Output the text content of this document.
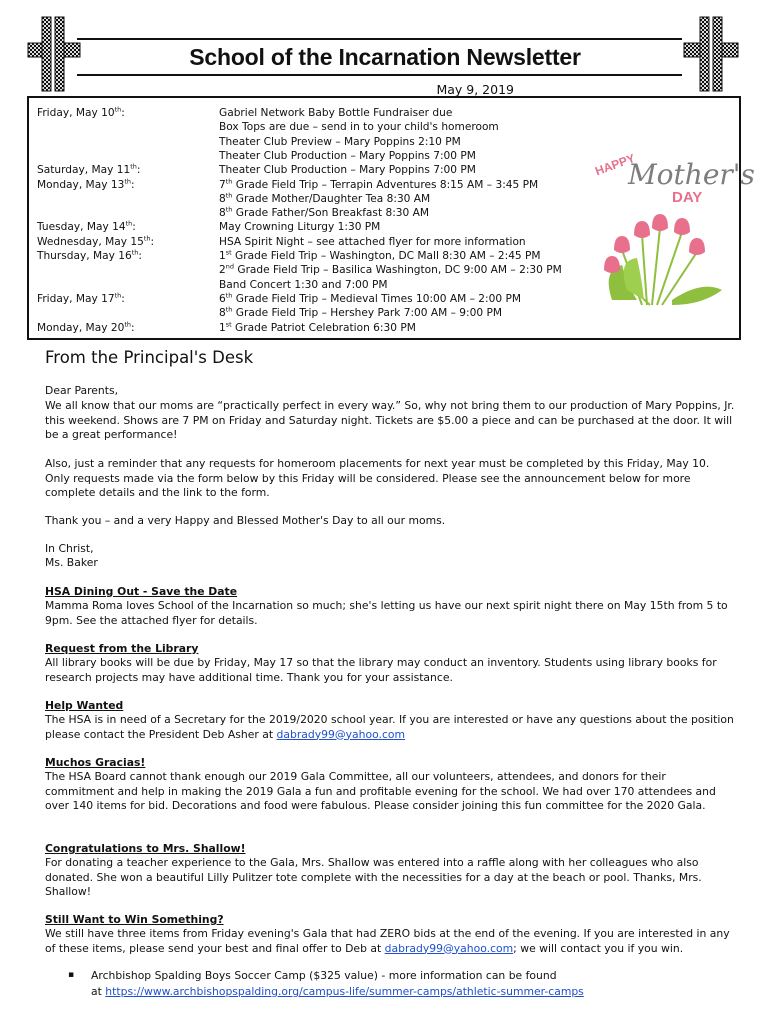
School of the Incarnation Newsletter
May 9, 2019
Friday, May 10th:	Gabriel Network Baby Bottle Fundraiser due
Box Tops are due – send in to your child's homeroom
Theater Club Preview – Mary Poppins 2:10 PM
Theater Club Production – Mary Poppins 7:00 PM
Saturday, May 11th:	Theater Club Production – Mary Poppins 7:00 PM
Monday, May 13th:	7th Grade Field Trip – Terrapin Adventures 8:15 AM – 3:45 PM
8th Grade Mother/Daughter Tea 8:30 AM
8th Grade Father/Son Breakfast 8:30 AM
Tuesday, May 14th:	May Crowning Liturgy 1:30 PM
Wednesday, May 15th:	HSA Spirit Night – see attached flyer for more information
Thursday, May 16th:	1st Grade Field Trip – Washington, DC Mall 8:30 AM – 2:45 PM
2nd Grade Field Trip – Basilica Washington, DC 9:00 AM – 2:30 PM
Band Concert 1:30 and 7:00 PM
Friday, May 17th:	6th Grade Field Trip – Medieval Times 10:00 AM – 2:00 PM
8th Grade Field Trip – Hershey Park 7:00 AM – 9:00 PM
Monday, May 20th:	1st Grade Patriot Celebration 6:30 PM
HAPPY
Mother's
DAY
From the Principal's Desk
Dear Parents,
We all know that our moms are “practically perfect in every way.” So, why not bring them to our production of Mary Poppins, Jr. this weekend. Shows are 7 PM on Friday and Saturday night. Tickets are $5.00 a piece and can be purchased at the door. It will be a great performance!
Also, just a reminder that any requests for homeroom placements for next year must be completed by this Friday, May 10. Only requests made via the form below by this Friday will be considered. Please see the announcement below for more complete details and the link to the form.
Thank you – and a very Happy and Blessed Mother's Day to all our moms.
In Christ,
Ms. Baker
HSA Dining Out - Save the Date
Mamma Roma loves School of the Incarnation so much; she's letting us have our next spirit night there on May 15th from 5 to 9pm. See the attached flyer for details.
Request from the Library
All library books will be due by Friday, May 17 so that the library may conduct an inventory. Students using library books for research projects may have additional time. Thank you for your assistance.
Help Wanted
The HSA is in need of a Secretary for the 2019/2020 school year. If you are interested or have any questions about the position please contact the President Deb Asher at dabrady99@yahoo.com
Muchos Gracias!
The HSA Board cannot thank enough our 2019 Gala Committee, all our volunteers, attendees, and donors for their commitment and help in making the 2019 Gala a fun and profitable evening for the school. We had over 170 attendees and over 140 items for bid. Decorations and food were fabulous. Please consider joining this fun committee for the 2020 Gala.
Congratulations to Mrs. Shallow!
For donating a teacher experience to the Gala, Mrs. Shallow was entered into a raffle along with her colleagues who also donated. She won a beautiful Lilly Pulitzer tote complete with the necessities for a day at the beach or pool. Thanks, Mrs. Shallow!
Still Want to Win Something?
We still have three items from Friday evening's Gala that had ZERO bids at the end of the evening. If you are interested in any of these items, please send your best and final offer to Deb at dabrady99@yahoo.com; we will contact you if you win.
▪ Archbishop Spalding Boys Soccer Camp ($325 value) - more information can be found
at https://www.archbishopspalding.org/campus-life/summer-camps/athletic-summer-camps
